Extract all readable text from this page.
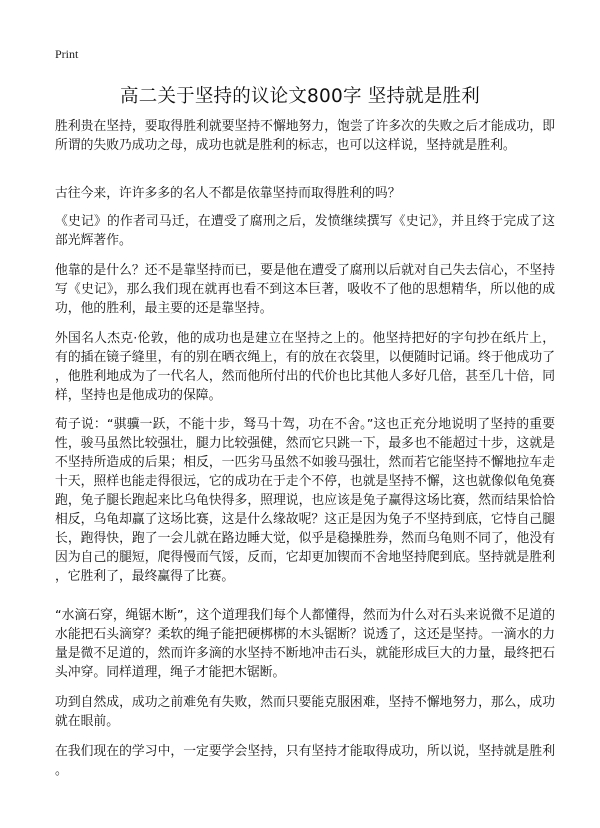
Print
高二关于坚持的议论文800字 坚持就是胜利

胜利贵在坚持，要取得胜利就要坚持不懈地努力，饱尝了许多次的失败之后才能成功，即所谓的失败乃成功之母，成功也就是胜利的标志，也可以这样说，坚持就是胜利。

古往今来，许许多多的名人不都是依靠坚持而取得胜利的吗？

《史记》的作者司马迁，在遭受了腐刑之后，发愤继续撰写《史记》，并且终于完成了这部光辉著作。

他靠的是什么？还不是靠坚持而已，要是他在遭受了腐刑以后就对自己失去信心，不坚持写《史记》，那么我们现在就再也看不到这本巨著，吸收不了他的思想精华，所以他的成功，他的胜利，最主要的还是靠坚持。

外国名人杰克·伦敦，他的成功也是建立在坚持之上的。他坚持把好的字句抄在纸片上，有的插在镜子缝里，有的别在晒衣绳上，有的放在衣袋里，以便随时记诵。终于他成功了，他胜利地成为了一代名人，然而他所付出的代价也比其他人多好几倍，甚至几十倍，同样，坚持也是他成功的保障。

荀子说：“骐骥一跃，不能十步，驽马十驾，功在不舍。”这也正充分地说明了坚持的重要性，骏马虽然比较强壮，腿力比较强健，然而它只跳一下，最多也不能超过十步，这就是不坚持所造成的后果；相反，一匹劣马虽然不如骏马强壮，然而若它能坚持不懈地拉车走十天，照样也能走得很远，它的成功在于走个不停，也就是坚持不懈，这也就像似龟兔赛跑，兔子腿长跑起来比乌龟快得多，照理说，也应该是兔子赢得这场比赛，然而结果恰恰相反，乌龟却赢了这场比赛，这是什么缘故呢？这正是因为兔子不坚持到底，它恃自己腿长，跑得快，跑了一会儿就在路边睡大觉，似乎是稳操胜券，然而乌龟则不同了，他没有因为自己的腿短，爬得慢而气馁，反而，它却更加锲而不舍地坚持爬到底。坚持就是胜利，它胜利了，最终赢得了比赛。

“水滴石穿，绳锯木断”，这个道理我们每个人都懂得，然而为什么对石头来说微不足道的水能把石头滴穿？柔软的绳子能把硬梆梆的木头锯断？说透了，这还是坚持。一滴水的力量是微不足道的，然而许多滴的水坚持不断地冲击石头，就能形成巨大的力量，最终把石头冲穿。同样道理，绳子才能把木锯断。

功到自然成，成功之前难免有失败，然而只要能克服困难，坚持不懈地努力，那么，成功就在眼前。

在我们现在的学习中，一定要学会坚持，只有坚持才能取得成功，所以说，坚持就是胜利。
